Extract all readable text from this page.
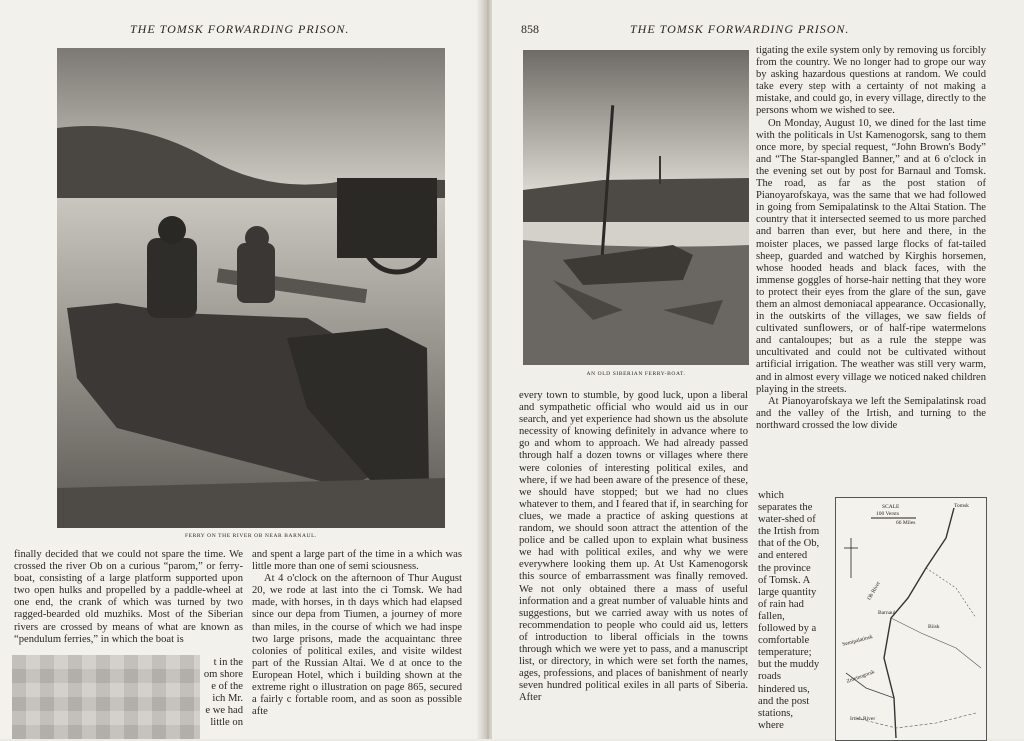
THE TOMSK FORWARDING PRISON.
FERRY ON THE RIVER OB NEAR BARNAUL.

finally decided that we could not spare the time. We crossed the river Ob on a curious “parom,” or ferry-boat, consisting of a large platform supported upon two open hulks and propelled by a paddle-wheel at one end, the crank of which was turned by two ragged-bearded old muzhiks. Most of the Siberian rivers are crossed by means of what are known as “pendulum ferries,” in which the boat is

t in the
om shore
e of the
ich Mr.
e we had
little on

and spent a large part of the time in a which was little more than one of semi sciousness.

At 4 o'clock on the afternoon of Thur August 20, we rode at last into the ci Tomsk. We had made, with horses, in th days which had elapsed since our depa from Tiumen, a journey of more than miles, in the course of which we had inspe two large prisons, made the acquaintanc three colonies of political exiles, and visite wildest part of the Russian Altai. We d at once to the European Hotel, which i building shown at the extreme right o illustration on page 865, secured a fairly c fortable room, and as soon as possible afte

858	THE TOMSK FORWARDING PRISON.
AN OLD SIBERIAN FERRY-BOAT.

tigating the exile system only by removing us forcibly from the country. We no longer had to grope our way by asking hazardous questions at random. We could take every step with a certainty of not making a mistake, and could go, in every village, directly to the persons whom we wished to see.

On Monday, August 10, we dined for the last time with the politicals in Ust Kamenogorsk, sang to them once more, by special request, “John Brown's Body” and “The Star-spangled Banner,” and at 6 o'clock in the evening set out by post for Barnaul and Tomsk. The road, as far as the post station of Pianoyarofskaya, was the same that we had followed in going from Semipalatinsk to the Altai Station. The country that it intersected seemed to us more parched and barren than ever, but here and there, in the moister places, we passed large flocks of fat-tailed sheep, guarded and watched by Kirghis horsemen, whose hooded heads and black faces, with the immense goggles of horse-hair netting that they wore to protect their eyes from the glare of the sun, gave them an almost demoniacal appearance. Occasionally, in the outskirts of the villages, we saw fields of cultivated sunflowers, or of half-ripe watermelons and cantaloupes; but as a rule the steppe was uncultivated and could not be cultivated without artificial irrigation. The weather was still very warm, and in almost every village we noticed naked children playing in the streets.

At Pianoyarofskaya we left the Semipalatinsk road and the valley of the Irtish, and turning to the northward crossed the low divide

every town to stumble, by good luck, upon a liberal and sympathetic official who would aid us in our search, and yet experience had shown us the absolute necessity of knowing definitely in advance where to go and whom to approach. We had already passed through half a dozen towns or villages where there were colonies of interesting political exiles, and where, if we had been aware of the presence of these, we should have stopped; but we had no clues whatever to them, and I feared that if, in searching for clues, we made a practice of asking questions at random, we should soon attract the attention of the police and be called upon to explain what business we had with political exiles, and why we were everywhere looking them up. At Ust Kamenogorsk this source of embarrassment was finally removed. We not only obtained there a mass of useful information and a great number of valuable hints and suggestions, but we carried away with us notes of recommendation to people who could aid us, letters of introduction to liberal officials in the towns through which we were yet to pass, and a manuscript list, or directory, in which were set forth the names, ages, professions, and places of banishment of nearly seven hundred political exiles in all parts of Siberia. After

which separates the water-shed of the Irtish from that of the Ob, and entered the province of Tomsk. A large quantity of rain had fallen, followed by a comfortable temperature; but the muddy roads hindered us, and the post stations, where

SCALE
100 Versts
66 Miles
Tomsk
Ob River
Barnaul
Biisk
Zmeinogorsk
Irtish River
Semipalatinsk
